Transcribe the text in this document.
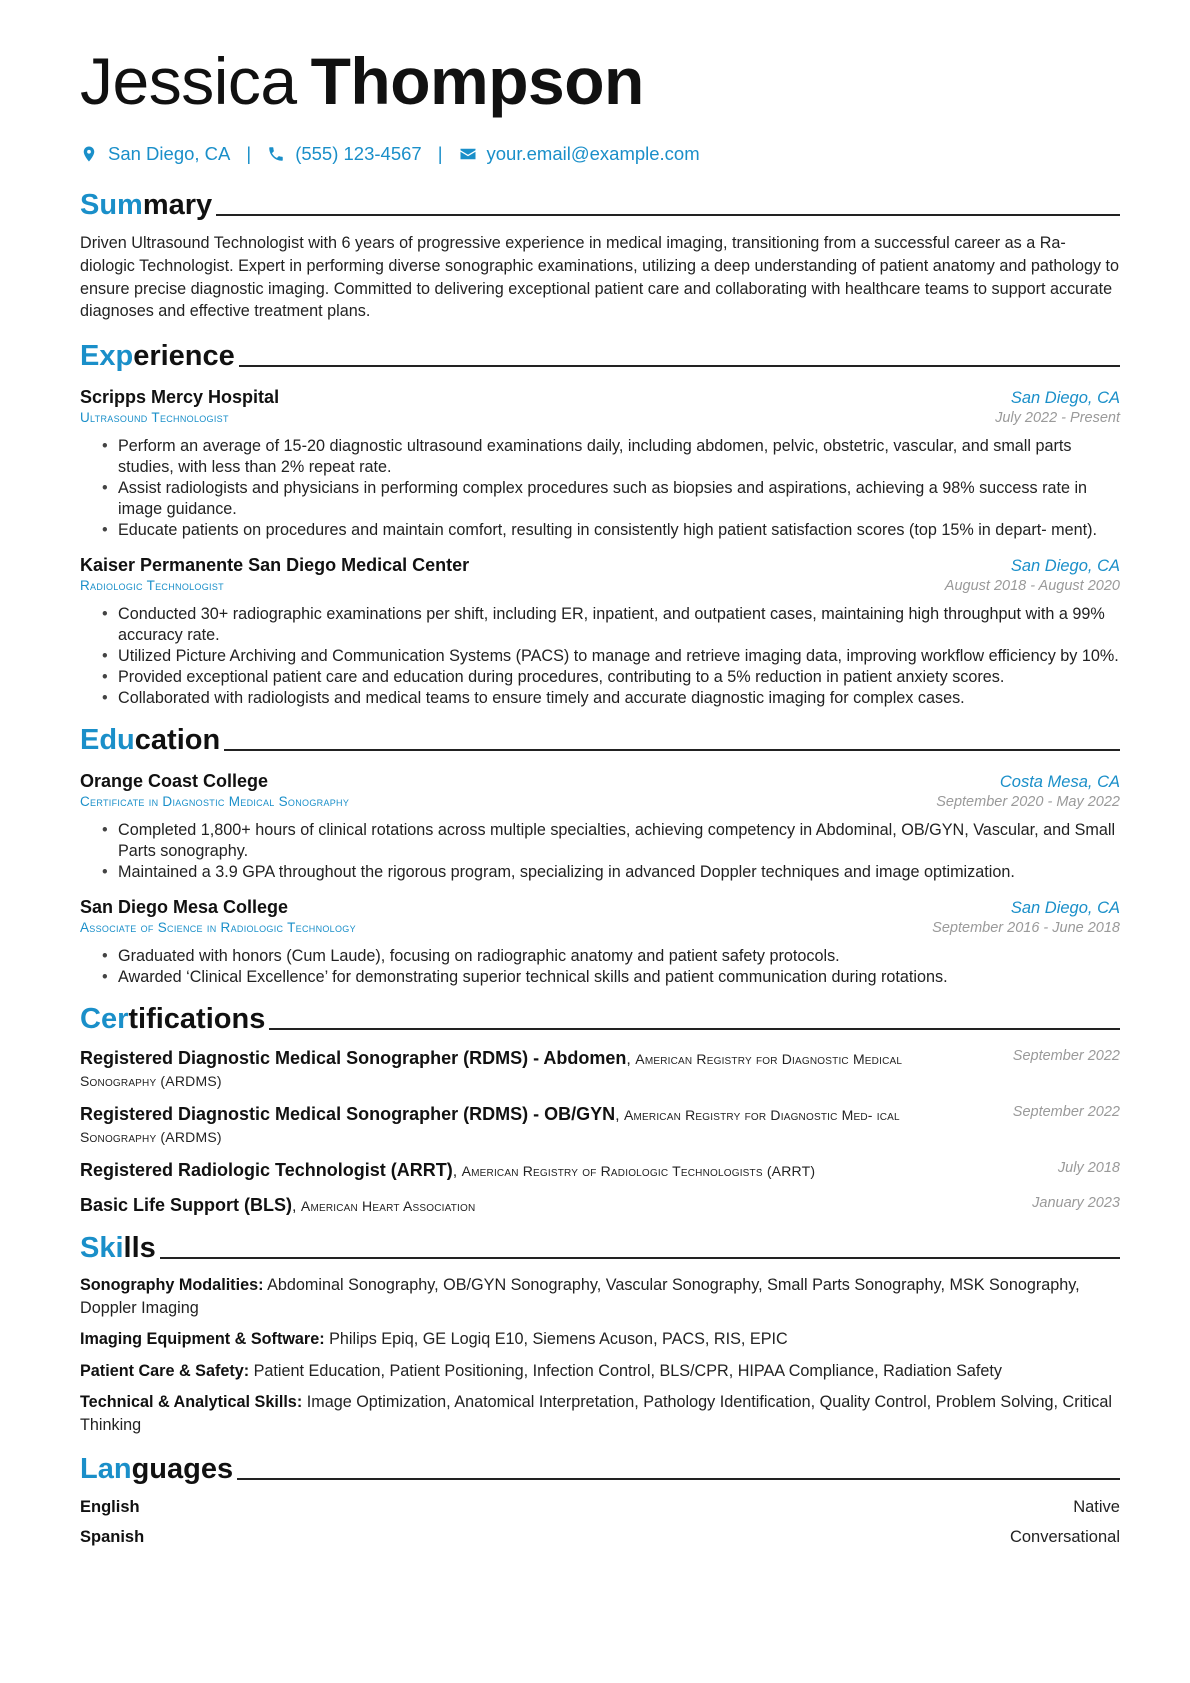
Jessica Thompson
San Diego, CA | (555) 123-4567 | your.email@example.com
Summary
Driven Ultrasound Technologist with 6 years of progressive experience in medical imaging, transitioning from a successful career as a Ra- diologic Technologist. Expert in performing diverse sonographic examinations, utilizing a deep understanding of patient anatomy and pathology to ensure precise diagnostic imaging. Committed to delivering exceptional patient care and collaborating with healthcare teams to support accurate diagnoses and effective treatment plans.
Experience
Scripps Mercy Hospital	San Diego, CA
Ultrasound Technologist	July 2022 - Present
• Perform an average of 15-20 diagnostic ultrasound examinations daily, including abdomen, pelvic, obstetric, vascular, and small parts studies, with less than 2% repeat rate.
• Assist radiologists and physicians in performing complex procedures such as biopsies and aspirations, achieving a 98% success rate in image guidance.
• Educate patients on procedures and maintain comfort, resulting in consistently high patient satisfaction scores (top 15% in depart- ment).
Kaiser Permanente San Diego Medical Center	San Diego, CA
Radiologic Technologist	August 2018 - August 2020
• Conducted 30+ radiographic examinations per shift, including ER, inpatient, and outpatient cases, maintaining high throughput with a 99% accuracy rate.
• Utilized Picture Archiving and Communication Systems (PACS) to manage and retrieve imaging data, improving workflow efficiency by 10%.
• Provided exceptional patient care and education during procedures, contributing to a 5% reduction in patient anxiety scores.
• Collaborated with radiologists and medical teams to ensure timely and accurate diagnostic imaging for complex cases.
Education
Orange Coast College	Costa Mesa, CA
Certificate in Diagnostic Medical Sonography	September 2020 - May 2022
• Completed 1,800+ hours of clinical rotations across multiple specialties, achieving competency in Abdominal, OB/GYN, Vascular, and Small Parts sonography.
• Maintained a 3.9 GPA throughout the rigorous program, specializing in advanced Doppler techniques and image optimization.
San Diego Mesa College	San Diego, CA
Associate of Science in Radiologic Technology	September 2016 - June 2018
• Graduated with honors (Cum Laude), focusing on radiographic anatomy and patient safety protocols.
• Awarded ‘Clinical Excellence’ for demonstrating superior technical skills and patient communication during rotations.
Certifications
Registered Diagnostic Medical Sonographer (RDMS) - Abdomen, American Registry for Diagnostic Medical Sonography (ARDMS)
September 2022
Registered Diagnostic Medical Sonographer (RDMS) - OB/GYN, American Registry for Diagnostic Med- ical Sonography (ARDMS)
September 2022
Registered Radiologic Technologist (ARRT), American Registry of Radiologic Technologists (ARRT)	July 2018
Basic Life Support (BLS), American Heart Association	January 2023
Skills
Sonography Modalities: Abdominal Sonography, OB/GYN Sonography, Vascular Sonography, Small Parts Sonography, MSK Sonography, Doppler Imaging
Imaging Equipment & Software: Philips Epiq, GE Logiq E10, Siemens Acuson, PACS, RIS, EPIC
Patient Care & Safety: Patient Education, Patient Positioning, Infection Control, BLS/CPR, HIPAA Compliance, Radiation Safety
Technical & Analytical Skills: Image Optimization, Anatomical Interpretation, Pathology Identification, Quality Control, Problem Solving, Critical Thinking
Languages
English	Native
Spanish	Conversational
